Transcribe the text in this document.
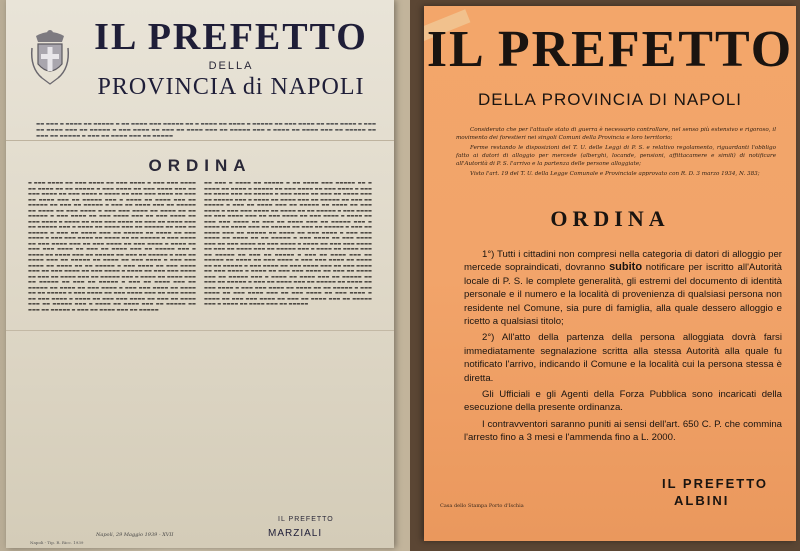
IL PREFETTO
DELLA
PROVINCIA di NAPOLI
▬▬ ▬▬▬ ▬ ▬▬▬▬ ▬▬ ▬▬▬▬▬ ▬ ▬▬ ▬▬▬▬ ▬▬▬ ▬▬▬▬▬ ▬▬ ▬ ▬▬▬▬ ▬▬ ▬▬▬▬ ▬ ▬▬▬▬▬ ▬▬ ▬▬▬ ▬▬▬▬ ▬▬ ▬▬▬ ▬▬▬▬ ▬ ▬▬▬ ▬▬ ▬▬▬▬ ▬▬▬ ▬▬ ▬▬▬▬▬ ▬ ▬▬▬ ▬▬▬▬ ▬▬ ▬▬▬ ▬▬ ▬▬▬▬ ▬▬▬ ▬▬ ▬▬▬▬▬ ▬▬▬ ▬ ▬▬▬▬ ▬▬ ▬▬▬▬ ▬▬▬ ▬▬ ▬▬▬▬▬ ▬▬ ▬▬▬ ▬▬ ▬▬▬▬▬ ▬ ▬▬▬ ▬▬ ▬▬▬▬ ▬▬▬ ▬▬ ▬▬▬▬▬
ORDINA
▬ ▬▬▬ ▬▬▬▬ ▬▬ ▬▬▬ ▬▬▬▬ ▬▬ ▬▬▬ ▬▬▬▬ ▬ ▬▬▬ ▬▬▬ ▬▬▬▬ ▬▬ ▬▬▬▬ ▬▬ ▬▬ ▬▬▬▬▬ ▬ ▬▬▬ ▬▬▬▬ ▬▬ ▬▬▬ ▬▬▬▬ ▬▬▬ ▬▬ ▬▬▬ ▬▬▬▬ ▬▬ ▬▬▬ ▬▬▬▬ ▬ ▬▬▬▬ ▬▬ ▬▬▬ ▬▬▬ ▬▬▬▬ ▬▬ ▬▬▬ ▬▬ ▬▬▬▬ ▬▬▬ ▬▬ ▬▬▬▬▬ ▬▬▬ ▬ ▬▬▬▬ ▬▬ ▬▬▬▬ ▬▬▬ ▬▬ ▬▬▬▬▬ ▬▬ ▬▬▬ ▬▬ ▬▬▬▬▬ ▬ ▬▬▬ ▬▬ ▬▬▬▬ ▬▬▬ ▬▬ ▬▬▬▬▬ ▬▬ ▬▬▬▬ ▬▬ ▬▬▬ ▬▬▬▬ ▬ ▬▬▬ ▬▬▬ ▬▬▬▬ ▬▬ ▬▬▬▬ ▬▬ ▬▬ ▬▬▬▬▬ ▬ ▬▬▬ ▬▬▬▬ ▬▬ ▬▬▬ ▬▬▬▬ ▬▬▬ ▬▬ ▬▬▬ ▬▬▬▬ ▬▬ ▬▬▬ ▬▬▬▬ ▬ ▬▬▬▬ ▬▬ ▬▬▬ ▬▬▬ ▬▬▬▬ ▬▬ ▬▬▬ ▬▬ ▬▬▬▬ ▬▬▬ ▬▬ ▬▬▬▬▬ ▬▬▬ ▬ ▬▬▬▬ ▬▬ ▬▬▬▬ ▬▬▬ ▬▬ ▬▬▬▬▬ ▬▬ ▬▬▬ ▬▬ ▬▬▬▬▬ ▬ ▬▬▬ ▬▬ ▬▬▬▬ ▬▬▬ ▬▬ ▬▬▬▬▬ ▬▬ ▬▬▬▬ ▬▬ ▬▬▬ ▬▬▬▬ ▬ ▬▬▬ ▬▬▬ ▬▬▬▬ ▬▬ ▬▬▬▬ ▬▬ ▬▬ ▬▬▬▬▬ ▬ ▬▬▬ ▬▬▬▬ ▬▬ ▬▬▬ ▬▬▬▬ ▬▬▬ ▬▬ ▬▬▬ ▬▬▬▬ ▬▬ ▬▬▬ ▬▬▬▬ ▬ ▬▬▬▬ ▬▬ ▬▬▬ ▬▬▬ ▬▬▬▬ ▬▬ ▬▬▬ ▬▬ ▬▬▬▬ ▬▬▬ ▬▬ ▬▬▬▬▬ ▬▬▬ ▬ ▬▬▬▬ ▬▬ ▬▬▬▬ ▬▬▬ ▬▬ ▬▬▬▬▬ ▬▬ ▬▬▬ ▬▬ ▬▬▬▬▬ ▬ ▬▬▬ ▬▬ ▬▬▬▬ ▬▬▬ ▬▬ ▬▬▬▬▬ ▬▬ ▬▬▬▬ ▬▬ ▬▬▬ ▬▬▬▬ ▬ ▬▬▬ ▬▬▬ ▬▬▬▬ ▬▬ ▬▬▬▬ ▬▬ ▬▬ ▬▬▬▬▬ ▬ ▬▬▬ ▬▬▬▬ ▬▬ ▬▬▬ ▬▬▬▬ ▬▬▬ ▬▬ ▬▬▬ ▬▬▬▬ ▬▬ ▬▬▬ ▬▬▬▬ ▬ ▬▬▬▬ ▬▬ ▬▬▬ ▬▬▬ ▬▬▬▬ ▬▬ ▬▬▬ ▬▬ ▬▬▬▬ ▬▬▬ ▬▬ ▬▬▬▬▬ ▬▬▬ ▬ ▬▬▬▬ ▬▬ ▬▬▬▬ ▬▬▬ ▬▬ ▬▬▬▬▬ ▬▬ ▬▬▬ ▬▬ ▬▬▬▬▬ ▬ ▬▬▬ ▬▬ ▬▬▬▬ ▬▬▬ ▬▬ ▬▬▬▬▬ ▬▬ ▬▬▬▬ ▬▬ ▬▬▬ ▬▬▬▬ ▬ ▬▬▬ ▬▬▬ ▬▬▬▬ ▬▬ ▬▬▬▬ ▬▬ ▬▬ ▬▬▬▬▬ ▬ ▬▬▬ ▬▬▬▬ ▬▬ ▬▬▬ ▬▬▬▬ ▬▬▬ ▬▬ ▬▬▬ ▬▬▬▬ ▬▬ ▬▬▬ ▬▬▬▬ ▬ ▬▬▬▬ ▬▬ ▬▬▬ ▬▬▬ ▬▬▬▬ ▬▬ ▬▬▬ ▬▬ ▬▬▬▬ ▬▬▬ ▬▬ ▬▬▬▬▬ ▬▬▬ ▬ ▬▬▬▬ ▬▬ ▬▬▬▬ ▬▬▬ ▬▬ ▬▬▬▬▬ ▬▬ ▬▬▬ ▬▬ ▬▬▬▬▬ ▬ ▬▬▬ ▬▬ ▬▬▬▬ ▬▬▬ ▬▬ ▬▬▬▬▬
▬▬ ▬▬▬ ▬ ▬▬▬▬ ▬▬ ▬▬▬▬▬ ▬ ▬▬ ▬▬▬▬ ▬▬▬ ▬▬▬▬▬ ▬▬ ▬ ▬▬▬▬ ▬▬ ▬▬▬▬ ▬ ▬▬▬▬▬ ▬▬ ▬▬▬ ▬▬▬▬ ▬▬ ▬▬▬ ▬▬▬▬ ▬ ▬▬▬ ▬▬ ▬▬▬▬ ▬▬▬ ▬▬ ▬▬▬▬▬ ▬ ▬▬▬ ▬▬▬▬ ▬▬ ▬▬▬ ▬▬ ▬▬▬▬ ▬▬▬ ▬▬ ▬▬▬▬▬ ▬▬▬ ▬ ▬▬▬▬ ▬▬ ▬▬▬▬ ▬▬▬ ▬▬ ▬▬▬▬▬ ▬▬ ▬▬▬ ▬▬ ▬▬▬▬▬ ▬ ▬▬▬ ▬▬ ▬▬▬▬ ▬▬▬ ▬▬ ▬▬▬▬▬ ▬▬ ▬▬▬▬ ▬▬ ▬▬▬ ▬▬▬▬ ▬ ▬▬▬ ▬▬▬ ▬▬▬▬ ▬▬ ▬▬▬▬ ▬▬ ▬▬ ▬▬▬▬▬ ▬ ▬▬▬ ▬▬▬▬ ▬▬ ▬▬▬ ▬▬▬▬ ▬▬▬ ▬▬ ▬▬▬ ▬▬▬▬ ▬▬ ▬▬▬ ▬▬▬▬ ▬ ▬▬▬▬ ▬▬ ▬▬▬ ▬▬▬ ▬▬▬▬ ▬▬ ▬▬▬ ▬▬ ▬▬▬▬ ▬▬▬ ▬▬ ▬▬▬▬▬ ▬▬▬ ▬ ▬▬▬▬ ▬▬ ▬▬▬▬ ▬▬▬ ▬▬ ▬▬▬▬▬ ▬▬ ▬▬▬ ▬▬ ▬▬▬▬▬ ▬ ▬▬▬ ▬▬ ▬▬▬▬ ▬▬▬ ▬▬ ▬▬▬▬▬ ▬▬ ▬▬▬▬ ▬▬ ▬▬▬ ▬▬▬▬ ▬ ▬▬▬ ▬▬▬ ▬▬▬▬ ▬▬ ▬▬▬▬ ▬▬ ▬▬ ▬▬▬▬▬ ▬ ▬▬▬ ▬▬▬▬ ▬▬ ▬▬▬ ▬▬▬▬ ▬▬▬ ▬▬ ▬▬▬ ▬▬▬▬ ▬▬ ▬▬▬ ▬▬▬▬ ▬ ▬▬▬▬ ▬▬ ▬▬▬ ▬▬▬ ▬▬▬▬ ▬▬ ▬▬▬ ▬▬ ▬▬▬▬ ▬▬▬ ▬▬ ▬▬▬▬▬ ▬▬▬ ▬ ▬▬▬▬ ▬▬ ▬▬▬▬ ▬▬▬ ▬▬ ▬▬▬▬▬ ▬▬ ▬▬▬ ▬▬ ▬▬▬▬▬ ▬ ▬▬▬ ▬▬ ▬▬▬▬ ▬▬▬ ▬▬ ▬▬▬▬▬ ▬▬ ▬▬▬▬ ▬▬ ▬▬▬ ▬▬▬▬ ▬ ▬▬▬ ▬▬▬ ▬▬▬▬ ▬▬ ▬▬▬▬ ▬▬ ▬▬ ▬▬▬▬▬ ▬ ▬▬▬ ▬▬▬▬ ▬▬ ▬▬▬ ▬▬▬▬ ▬▬▬ ▬▬ ▬▬▬ ▬▬▬▬ ▬▬ ▬▬▬ ▬▬▬▬ ▬ ▬▬▬▬ ▬▬ ▬▬▬ ▬▬▬ ▬▬▬▬ ▬▬ ▬▬▬ ▬▬ ▬▬▬▬ ▬▬▬ ▬▬ ▬▬▬▬▬ ▬▬▬ ▬ ▬▬▬▬ ▬▬ ▬▬▬▬ ▬▬▬ ▬▬ ▬▬▬▬▬ ▬▬ ▬▬▬ ▬▬ ▬▬▬▬▬ ▬ ▬▬▬ ▬▬ ▬▬▬▬ ▬▬▬ ▬▬ ▬▬▬▬▬ ▬▬ ▬▬▬▬ ▬▬ ▬▬▬ ▬▬▬▬ ▬ ▬▬▬ ▬▬▬ ▬▬▬▬ ▬▬ ▬▬▬▬ ▬▬ ▬▬ ▬▬▬▬▬ ▬ ▬▬▬ ▬▬▬▬ ▬▬ ▬▬▬ ▬▬▬▬ ▬▬▬ ▬▬ ▬▬▬ ▬▬▬▬ ▬▬ ▬▬▬ ▬▬▬▬ ▬ ▬▬▬▬ ▬▬ ▬▬▬ ▬▬▬ ▬▬▬▬ ▬▬ ▬▬▬ ▬▬ ▬▬▬▬ ▬▬▬ ▬▬ ▬▬▬▬▬ ▬▬▬ ▬ ▬▬▬▬ ▬▬ ▬▬▬▬ ▬▬▬ ▬▬ ▬▬▬▬▬
Napoli, 29 Maggio 1939 - XVII
Napoli - Tip. R. Ricc. 1939
IL PREFETTO
MARZIALI
IL PREFETTO
DELLA PROVINCIA DI NAPOLI

Considerato che per l'attuale stato di guerra è necessario controllare, nel senso più estensivo e rigoroso, il movimento dei forestieri nei singoli Comuni della Provincia e loro territorio;

Ferme restando le disposizioni del T. U. delle Leggi di P. S. e relativo regolamento, riguardanti l'obbligo fatto ai datori di alloggio per mercede (alberghi, locande, pensioni, affittacamere e simili) di notificare all'Autorità di P. S. l'arrivo e la partenza delle persone alloggiate;

Visto l'art. 19 del T. U. della Legge Comunale e Provinciale approvato con R. D. 3 marzo 1934, N. 383;

ORDINA

1°) Tutti i cittadini non compresi nella categoria di datori di alloggio per mercede sopraindicati, dovranno subito notificare per iscritto all'Autorità locale di P. S. le complete generalità, gli estremi del documento di identità personale e il numero e la località di provenienza di qualsiasi persona non residente nel Comune, sia pure di famiglia, alla quale dessero alloggio e ricetto a qualsiasi titolo;

2°) All'atto della partenza della persona alloggiata dovrà farsi immediatamente segnalazione scritta alla stessa Autorità alla quale fu notificato l'arrivo, indicando il Comune e la località cui la persona stessa è diretta.

Gli Ufficiali e gli Agenti della Forza Pubblica sono incaricati della esecuzione della presente ordinanza.

I contravventori saranno puniti ai sensi dell'art. 650 C. P. che commina l'arresto fino a 3 mesi e l'ammenda fino a L. 2000.

Casa dello Stampa Porto d'Ischia
IL PREFETTO
ALBINI
